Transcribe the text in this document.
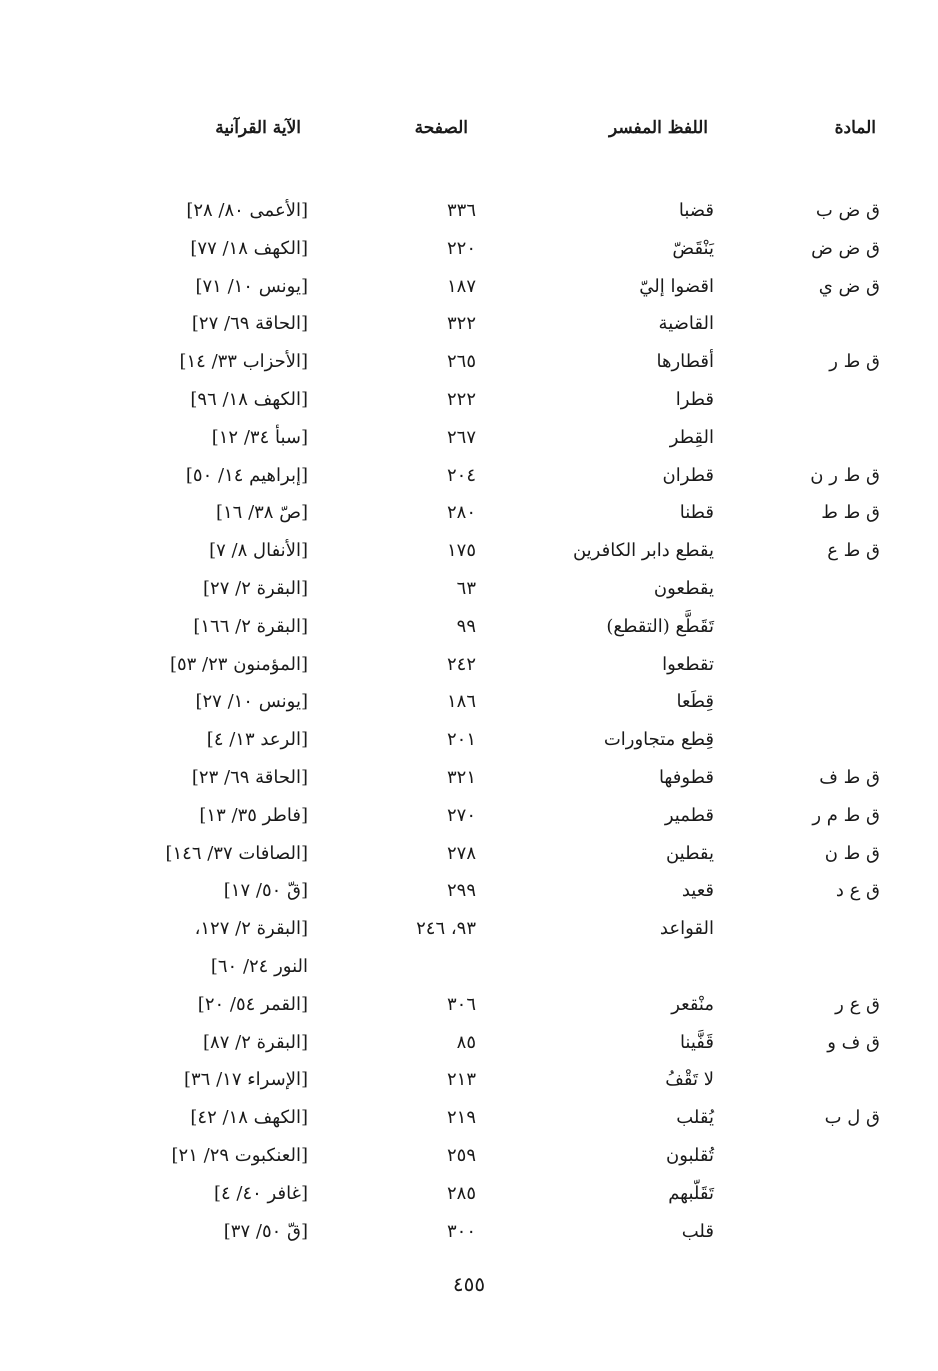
المادة
اللفظ المفسر
الصفحة
الآية القرآنية
ق ض ب
قضبا
٣٣٦
[الأعمى ٨٠/ ٢٨]
ق ض ض
يَنْقَضّ
٢٢٠
[الكهف ١٨/ ٧٧]
ق ض ي
اقضوا إليّ
١٨٧
[يونس ١٠/ ٧١]
القاضية
٣٢٢
[الحاقة ٦٩/ ٢٧]
ق ط ر
أقطارها
٢٦٥
[الأحزاب ٣٣/ ١٤]
قطرا
٢٢٢
[الكهف ١٨/ ٩٦]
القِطر
٢٦٧
[سبأ ٣٤/ ١٢]
ق ط ر ن
قطران
٢٠٤
[إبراهيم ١٤/ ٥٠]
ق ط ط
قطنا
٢٨٠
[صّ ٣٨/ ١٦]
ق ط ع
يقطع دابر الكافرين
١٧٥
[الأنفال ٨/ ٧]
يقطعون
٦٣
[البقرة ٢/ ٢٧]
تَقَطَّع (التقطع)
٩٩
[البقرة ٢/ ١٦٦]
تقطعوا
٢٤٢
[المؤمنون ٢٣/ ٥٣]
قِطَعا
١٨٦
[يونس ١٠/ ٢٧]
قِطع متجاورات
٢٠١
[الرعد ١٣/ ٤]
ق ط ف
قطوفها
٣٢١
[الحاقة ٦٩/ ٢٣]
ق ط م ر
قطمير
٢٧٠
[فاطر ٣٥/ ١٣]
ق ط ن
يقطين
٢٧٨
[الصافات ٣٧/ ١٤٦]
ق ع د
قعيد
٢٩٩
[قّ ٥٠/ ١٧]
القواعد
٩٣، ٢٤٦
[البقرة ٢/ ١٢٧،
النور ٢٤/ ٦٠]
ق ع ر
منْقعر
٣٠٦
[القمر ٥٤/ ٢٠]
ق ف و
قَفَّينا
٨٥
[البقرة ٢/ ٨٧]
لا تَقْفُ
٢١٣
[الإسراء ١٧/ ٣٦]
ق ل ب
يُقلب
٢١٩
[الكهف ١٨/ ٤٢]
تُقلبون
٢٥٩
[العنكبوت ٢٩/ ٢١]
تَقَلّبهم
٢٨٥
[غافر ٤٠/ ٤]
قلب
٣٠٠
[قّ ٥٠/ ٣٧]
٤٥٥
